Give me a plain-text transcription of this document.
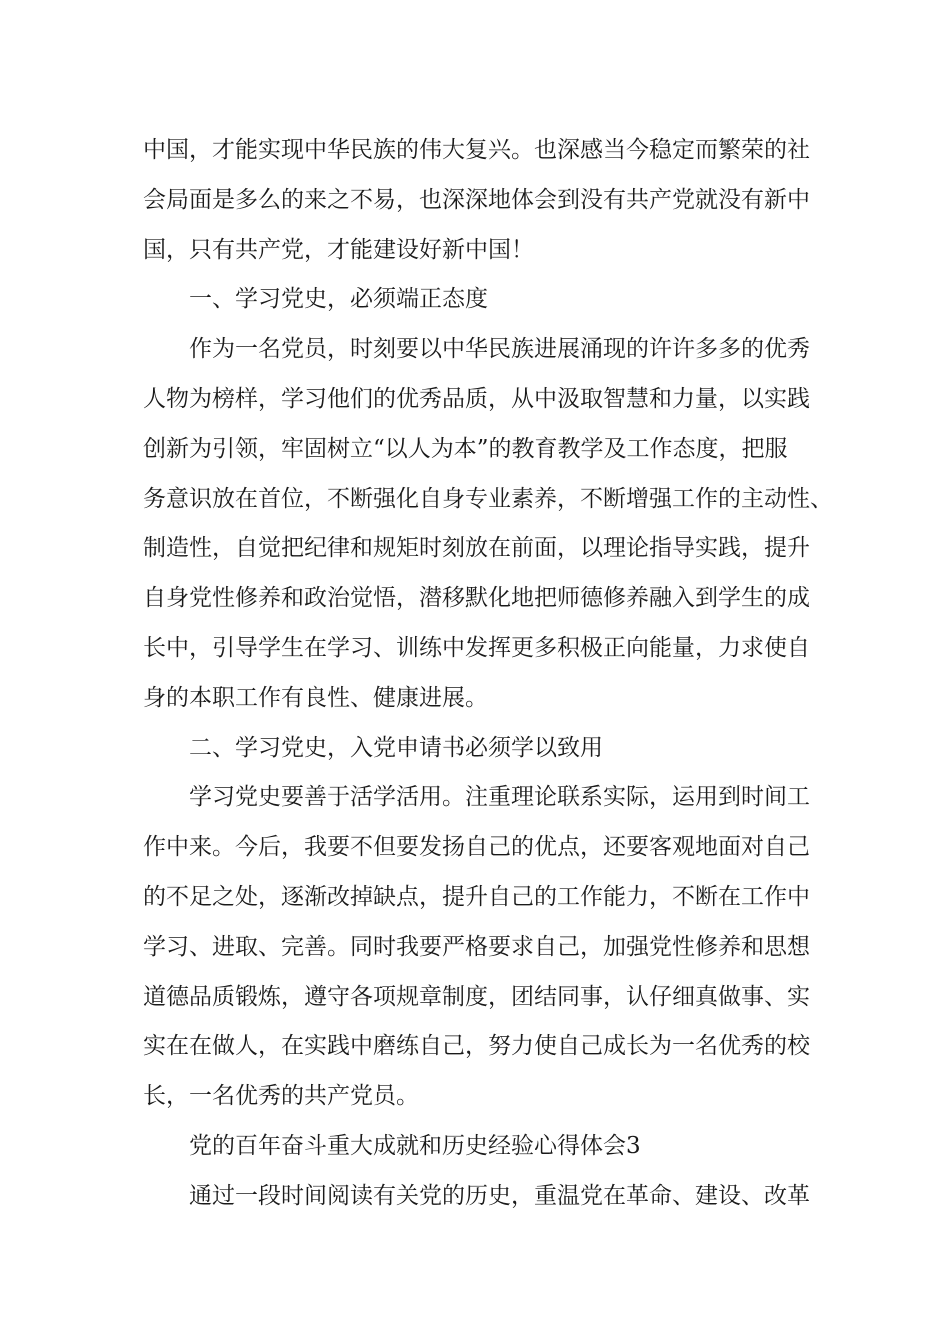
中国，才能实现中华民族的伟大复兴。也深感当今稳定而繁荣的社
会局面是多么的来之不易，也深深地体会到没有共产党就没有新中
国，只有共产党，才能建设好新中国！
一、学习党史，必须端正态度
作为一名党员，时刻要以中华民族进展涌现的许许多多的优秀
人物为榜样，学习他们的优秀品质，从中汲取智慧和力量，以实践
创新为引领，牢固树立“以人为本”的教育教学及工作态度，把服
务意识放在首位，不断强化自身专业素养，不断增强工作的主动性、
制造性，自觉把纪律和规矩时刻放在前面，以理论指导实践，提升
自身党性修养和政治觉悟，潜移默化地把师德修养融入到学生的成
长中，引导学生在学习、训练中发挥更多积极正向能量，力求使自
身的本职工作有良性、健康进展。
二、学习党史，入党申请书必须学以致用
学习党史要善于活学活用。注重理论联系实际，运用到时间工
作中来。今后，我要不但要发扬自己的优点，还要客观地面对自己
的不足之处，逐渐改掉缺点，提升自己的工作能力，不断在工作中
学习、进取、完善。同时我要严格要求自己，加强党性修养和思想
道德品质锻炼，遵守各项规章制度，团结同事，认仔细真做事、实
实在在做人，在实践中磨练自己，努力使自己成长为一名优秀的校
长，一名优秀的共产党员。
党的百年奋斗重大成就和历史经验心得体会3
通过一段时间阅读有关党的历史，重温党在革命、建设、改革
